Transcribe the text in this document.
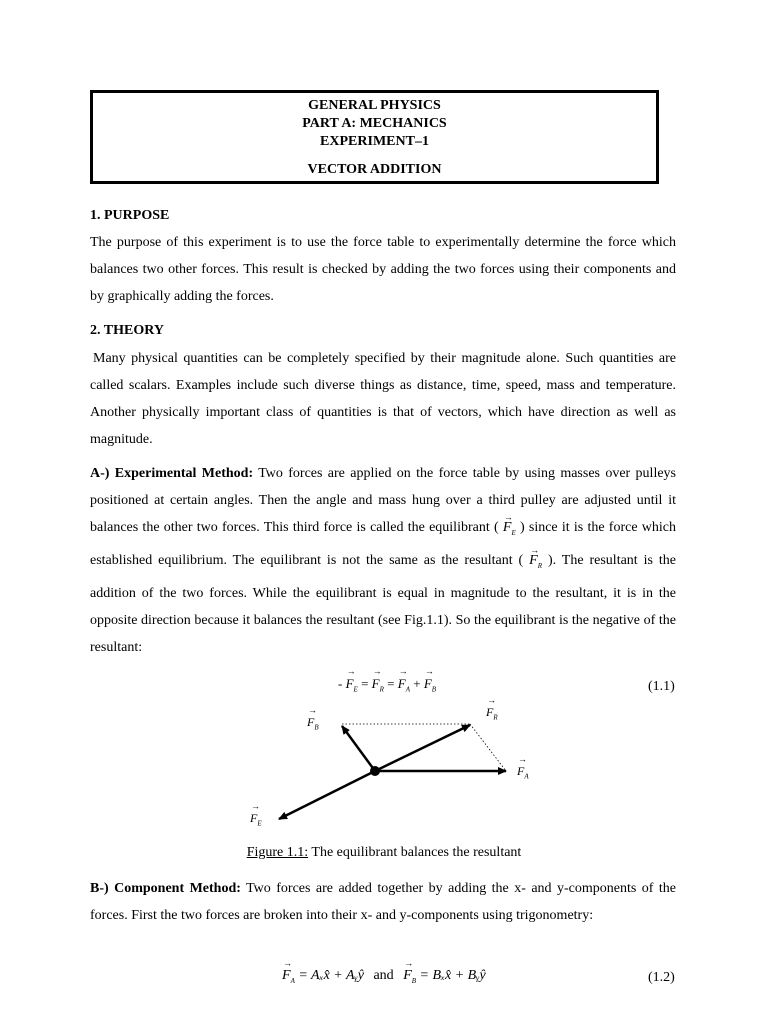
GENERAL PHYSICS
PART A: MECHANICS
EXPERIMENT–1
VECTOR ADDITION
1. PURPOSE
The purpose of this experiment is to use the force table to experimentally determine the force which balances two other forces. This result is checked by adding the two forces using their components and by graphically adding the forces.
2. THEORY
Many physical quantities can be completely specified by their magnitude alone. Such quantities are called scalars. Examples include such diverse things as distance, time, speed, mass and temperature. Another physically important class of quantities is that of vectors, which have direction as well as magnitude.
A-) Experimental Method: Two forces are applied on the force table by using masses over pulleys positioned at certain angles. Then the angle and mass hung over a third pulley are adjusted until it balances the other two forces. This third force is called the equilibrant ( → $F_E$ ) since it is the force which established equilibrium. The equilibrant is not the same as the resultant ( → $F_R$ ). The resultant is the addition of the two forces. While the equilibrant is equal in magnitude to the resultant, it is in the opposite direction because it balances the resultant (see Fig.1.1). So the equilibrant is the negative of the resultant:
- → $F_E$ = → $F_R$ = → $F_A$ + → $F_B$	(1.1)
→ $F_B$
→ $F_R$
→ $F_A$
→ $F_E$
Figure 1.1: The equilibrant balances the resultant
B-) Component Method: Two forces are added together by adding the x- and y-components of the forces. First the two forces are broken into their x- and y-components using trigonometry:
→ $F_A$ = Aₓx̂ + Aᵧŷ and → $F_B$ = Bₓx̂ + Bᵧŷ	(1.2)
